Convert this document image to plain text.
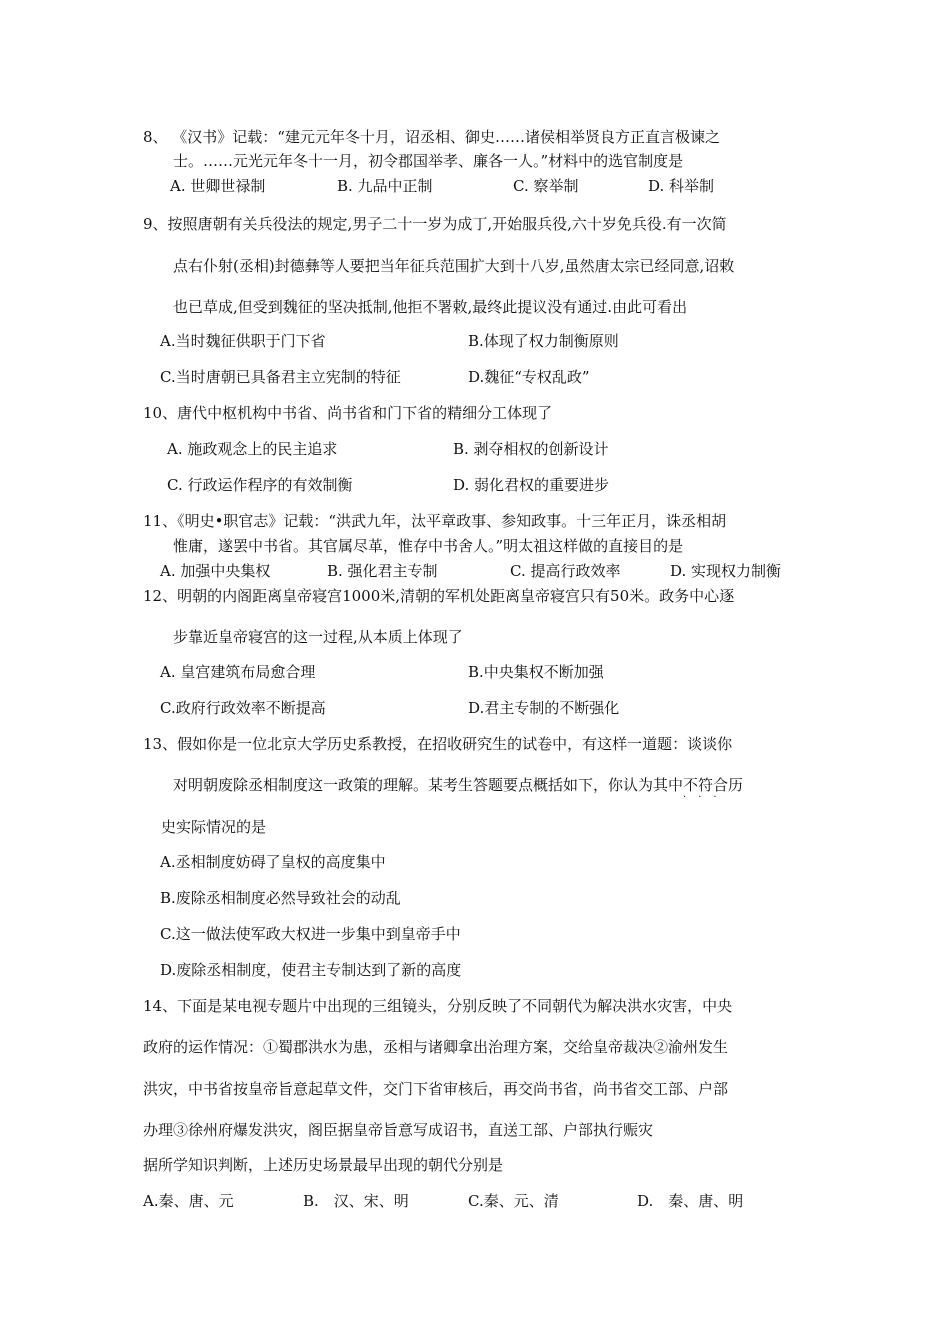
8、 《汉书》记载：“建元元年冬十月，诏丞相、御史……诸侯相举贤良方正直言极谏之
士。……元光元年冬十一月，初令郡国举孝、廉各一人。”材料中的选官制度是
A. 世卿世禄制	B. 九品中正制	C. 察举制	D. 科举制
9、按照唐朝有关兵役法的规定,男子二十一岁为成丁,开始服兵役,六十岁免兵役.有一次简
点右仆射(丞相)封德彝等人要把当年征兵范围扩大到十八岁,虽然唐太宗已经同意,诏敕
也已草成,但受到魏征的坚决抵制,他拒不署敕,最终此提议没有通过.由此可看出
A.当时魏征供职于门下省	B.体现了权力制衡原则
C.当时唐朝已具备君主立宪制的特征	D.魏征“专权乱政”
10、唐代中枢机构中书省、尚书省和门下省的精细分工体现了
A. 施政观念上的民主追求	B. 剥夺相权的创新设计
C. 行政运作程序的有效制衡	D. 弱化君权的重要进步
11、《明史•职官志》记载：“洪武九年，汰平章政事、参知政事。十三年正月，诛丞相胡
惟庸，遂罢中书省。其官属尽革，惟存中书舍人。”明太祖这样做的直接目的是
A. 加强中央集权	B. 强化君主专制	C. 提高行政效率	D. 实现权力制衡
12、明朝的内阁距离皇帝寝宫1000米,清朝的军机处距离皇帝寝宫只有50米。政务中心逐
步靠近皇帝寝宫的这一过程,从本质上体现了
A. 皇宫建筑布局愈合理	B.中央集权不断加强
C.政府行政效率不断提高	D.君主专制的不断强化
13、假如你是一位北京大学历史系教授，在招收研究生的试卷中，有这样一道题：谈谈你
对明朝废除丞相制度这一政策的理解。某考生答题要点概括如下，你认为其中不符合
·​·​·
历
史实际情况的是
A.丞相制度妨碍了皇权的高度集中
B.废除丞相制度必然导致社会的动乱
C.这一做法使军政大权进一步集中到皇帝手中
D.废除丞相制度，使君主专制达到了新的高度
14、下面是某电视专题片中出现的三组镜头，分别反映了不同朝代为解决洪水灾害，中央
政府的运作情况：①蜀郡洪水为患，丞相与诸卿拿出治理方案，交给皇帝裁决②渝州发生
洪灾，中书省按皇帝旨意起草文件，交门下省审核后，再交尚书省，尚书省交工部、户部
办理③徐州府爆发洪灾，阁臣据皇帝旨意写成诏书，直送工部、户部执行赈灾
据所学知识判断，上述历史场景最早出现的朝代分别是
A.秦、唐、元	B.　汉、宋、明	C.秦、元、清	D.　秦、唐、明
